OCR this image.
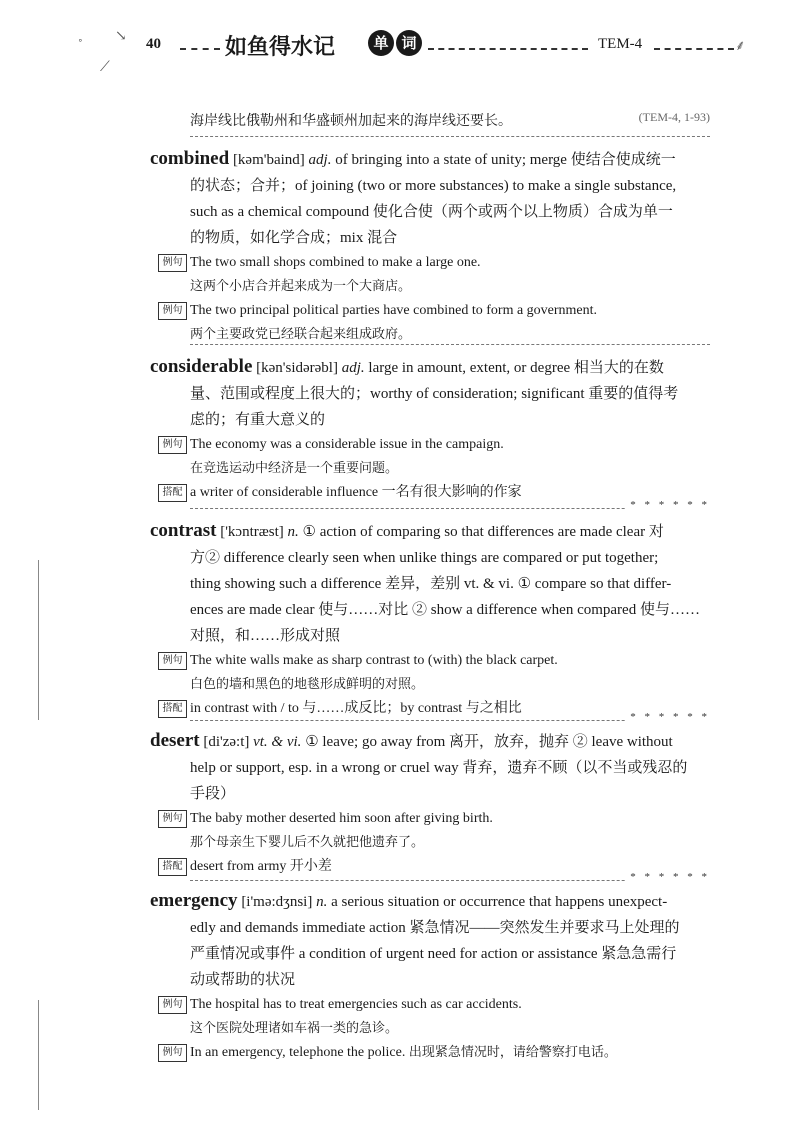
˚
↘
⟋
⸙
40	如鱼得水记	单 词	TEM-4
海岸线比俄勒州和华盛顿州加起来的海岸线还要长。	(TEM-4, 1-93)
combined [kəm'baind] adj. of bringing into a state of unity; merge 使结合使成统一
的状态；合并；of joining (two or more substances) to make a single substance,
such as a chemical compound 使化合使（两个或两个以上物质）合成为单一
的物质，如化学合成；mix 混合
例句 The two small shops combined to make a large one.
这两个小店合并起来成为一个大商店。
例句 The two principal political parties have combined to form a government.
两个主要政党已经联合起来组成政府。
considerable [kən'sidərəbl] adj. large in amount, extent, or degree 相当大的在数
量、范围或程度上很大的；worthy of consideration; significant 重要的值得考
虑的；有重大意义的
例句 The economy was a considerable issue in the campaign.
在竞选运动中经济是一个重要问题。
搭配 a writer of considerable influence 一名有很大影响的作家
* * * * * *
contrast ['kɔntræst] n. ① action of comparing so that differences are made clear 对
方② difference clearly seen when unlike things are compared or put together;
thing showing such a difference 差异，差别 vt. & vi. ① compare so that differ-
ences are made clear 使与……对比 ② show a difference when compared 使与……
对照，和……形成对照
例句 The white walls make as sharp contrast to (with) the black carpet.
白色的墙和黑色的地毯形成鲜明的对照。
搭配 in contrast with / to 与……成反比；by contrast 与之相比
* * * * * *
desert [di'zə:t] vt. & vi. ① leave; go away from 离开，放弃，抛弃 ② leave without
help or support, esp. in a wrong or cruel way 背弃，遗弃不顾（以不当或残忍的
手段）
例句 The baby mother deserted him soon after giving birth.
那个母亲生下婴儿后不久就把他遗弃了。
搭配 desert from army 开小差
* * * * * *
emergency [i'mə:dʒnsi] n. a serious situation or occurrence that happens unexpect-
edly and demands immediate action 紧急情况——突然发生并要求马上处理的
严重情况或事件 a condition of urgent need for action or assistance 紧急急需行
动或帮助的状况
例句 The hospital has to treat emergencies such as car accidents.
这个医院处理诸如车祸一类的急诊。
例句 In an emergency, telephone the police. 出现紧急情况时，请给警察打电话。
